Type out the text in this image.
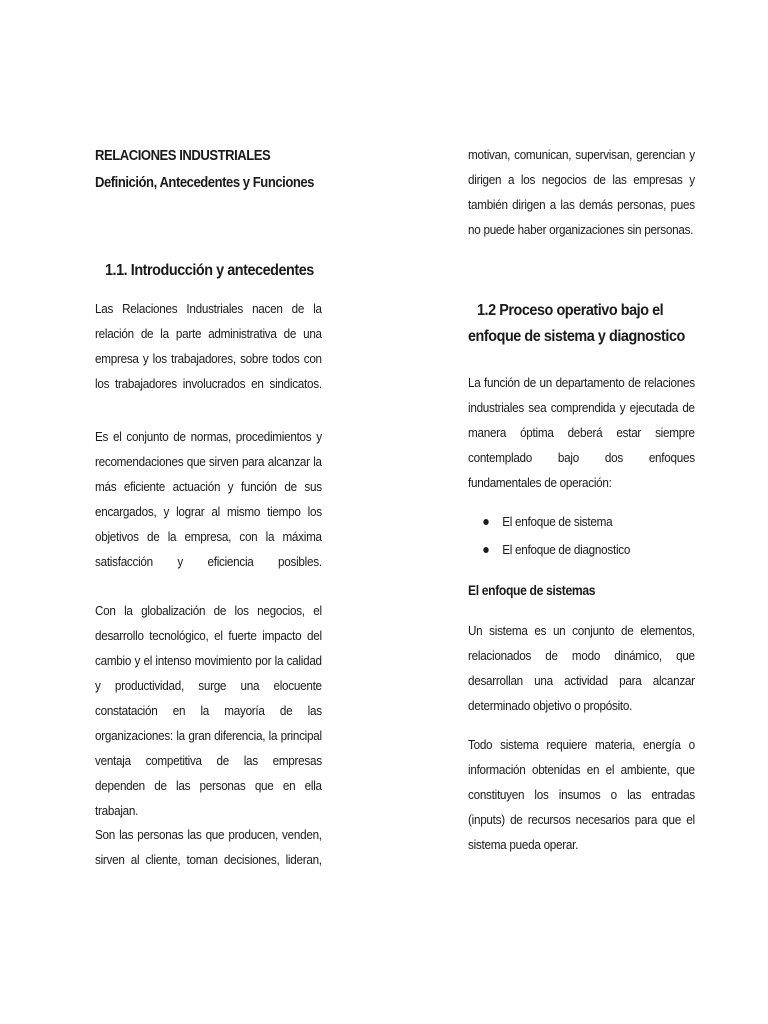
RELACIONES INDUSTRIALES
Definición, Antecedentes y Funciones
1.1. Introducción y antecedentes

Las Relaciones Industriales nacen de la relación de la parte administrativa de una empresa y los trabajadores, sobre todos con los trabajadores involucrados en sindicatos.

Es el conjunto de normas, procedimientos y recomendaciones que sirven para alcanzar la más eficiente actuación y función de sus encargados, y lograr al mismo tiempo los objetivos de la empresa, con la máxima satisfacción y eficiencia posibles.

Con la globalización de los negocios, el desarrollo tecnológico, el fuerte impacto del cambio y el intenso movimiento por la calidad y productividad, surge una elocuente constatación en la mayoría de las organizaciones: la gran diferencia, la principal ventaja competitiva de las empresas dependen de las personas que en ella trabajan.

Son las personas las que producen, venden, sirven al cliente, toman decisiones, lideran,

motivan, comunican, supervisan, gerencian y dirigen a los negocios de las empresas y también dirigen a las demás personas, pues no puede haber organizaciones sin personas.

1.2 Proceso operativo bajo el
enfoque de sistema y diagnostico

La función de un departamento de relaciones industriales sea comprendida y ejecutada de manera óptima deberá estar siempre contemplado bajo dos enfoques fundamentales de operación:

El enfoque de sistema
El enfoque de diagnostico
El enfoque de sistemas

Un sistema es un conjunto de elementos, relacionados de modo dinámico, que desarrollan una actividad para alcanzar determinado objetivo o propósito.

Todo sistema requiere materia, energía o información obtenidas en el ambiente, que constituyen los insumos o las entradas (inputs) de recursos necesarios para que el sistema pueda operar.
